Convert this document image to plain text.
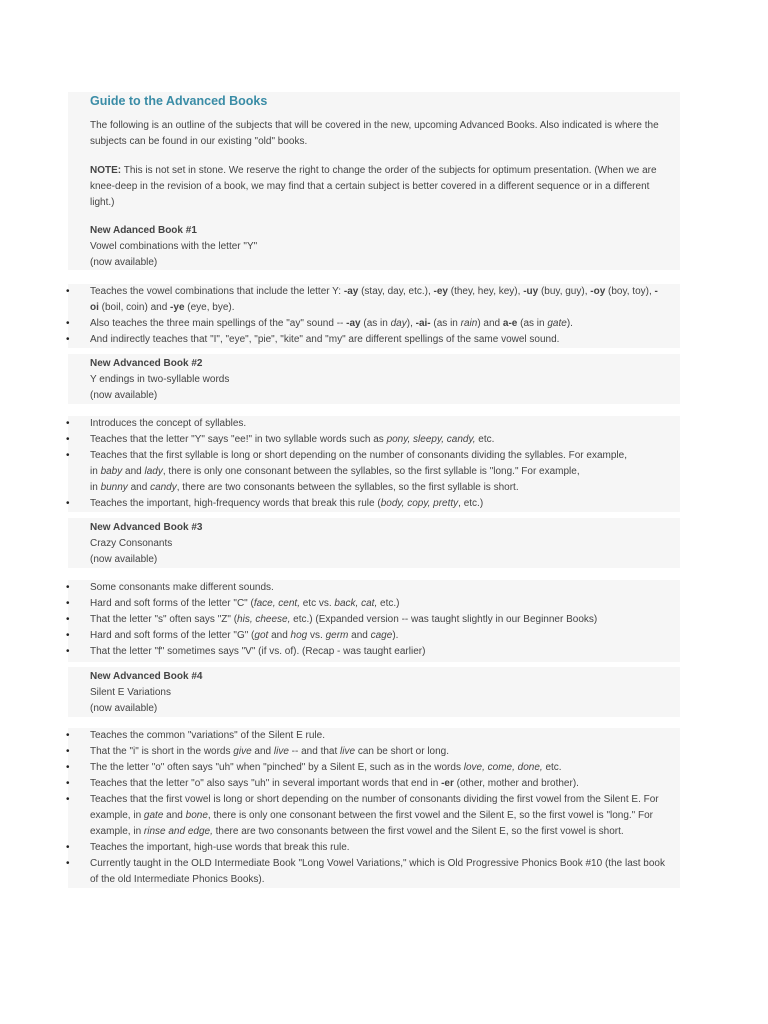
Guide to the Advanced Books

The following is an outline of the subjects that will be covered in the new, upcoming Advanced Books. Also indicated is where the
subjects can be found in our existing "old" books.

NOTE: This is not set in stone. We reserve the right to change the order of the subjects for optimum presentation. (When we are
knee-deep in the revision of a book, we may find that a certain subject is better covered in a different sequence or in a different
light.)

New Adanced Book #1
Vowel combinations with the letter "Y"
(now available)
• Teaches the vowel combinations that include the letter Y: -ay (stay, day, etc.), -ey (they, hey, key), -uy (buy, guy), -oy (boy, toy), -
oi (boil, coin) and -ye (eye, bye).
• Also teaches the three main spellings of the "ay" sound -- -ay (as in day), -ai- (as in rain) and a-e (as in gate).
• And indirectly teaches that "I", "eye", "pie", "kite" and "my" are different spellings of the same vowel sound.
New Advanced Book #2
Y endings in two-syllable words
(now available)
• Introduces the concept of syllables.
• Teaches that the letter "Y" says "ee!" in two syllable words such as pony, sleepy, candy, etc.
• Teaches that the first syllable is long or short depending on the number of consonants dividing the syllables. For example,
in baby and lady, there is only one consonant between the syllables, so the first syllable is "long." For example,
in bunny and candy, there are two consonants between the syllables, so the first syllable is short.
• Teaches the important, high-frequency words that break this rule (body, copy, pretty, etc.)
New Advanced Book #3
Crazy Consonants
(now available)
• Some consonants make different sounds.
• Hard and soft forms of the letter "C" (face, cent, etc vs. back, cat, etc.)
• That the letter "s" often says "Z" (his, cheese, etc.) (Expanded version -- was taught slightly in our Beginner Books)
• Hard and soft forms of the letter "G" (got and hog vs. germ and cage).
• That the letter "f" sometimes says "V" (if vs. of). (Recap - was taught earlier)
New Advanced Book #4
Silent E Variations
(now available)
• Teaches the common "variations" of the Silent E rule.
• That the "i" is short in the words give and live -- and that live can be short or long.
• The the letter "o" often says "uh" when "pinched" by a Silent E, such as in the words love, come, done, etc.
• Teaches that the letter "o" also says "uh" in several important words that end in -er (other, mother and brother).
• Teaches that the first vowel is long or short depending on the number of consonants dividing the first vowel from the Silent E. For
example, in gate and bone, there is only one consonant between the first vowel and the Silent E, so the first vowel is "long." For
example, in rinse and edge, there are two consonants between the first vowel and the Silent E, so the first vowel is short.
• Teaches the important, high-use words that break this rule.
• Currently taught in the OLD Intermediate Book "Long Vowel Variations," which is Old Progressive Phonics Book #10 (the last book
of the old Intermediate Phonics Books).
